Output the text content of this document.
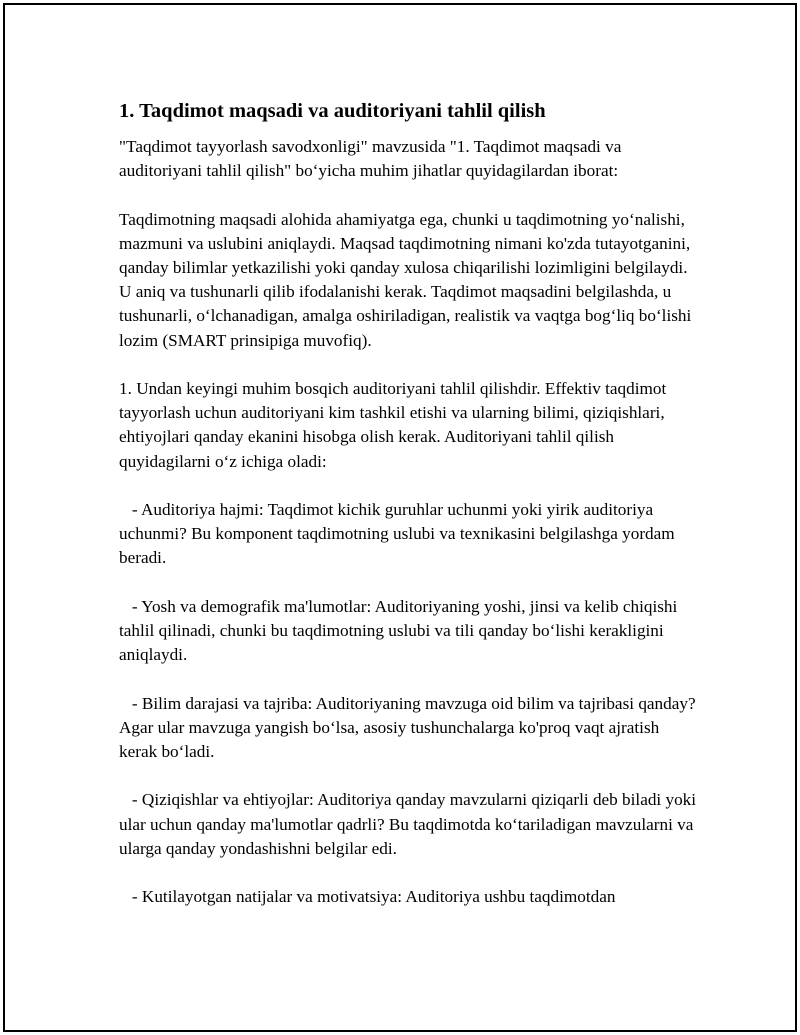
1. Taqdimot maqsadi va auditoriyani tahlil qilish

"Taqdimot tayyorlash savodxonligi" mavzusida "1. Taqdimot maqsadi va auditoriyani tahlil qilish" bo‘yicha muhim jihatlar quyidagilardan iborat:

Taqdimotning maqsadi alohida ahamiyatga ega, chunki u taqdimotning yo‘nalishi, mazmuni va uslubini aniqlaydi. Maqsad taqdimotning nimani ko'zda tutayotganini, qanday bilimlar yetkazilishi yoki qanday xulosa chiqarilishi lozimligini belgilaydi. U aniq va tushunarli qilib ifodalanishi kerak. Taqdimot maqsadini belgilashda, u tushunarli, o‘lchanadigan, amalga oshiriladigan, realistik va vaqtga bog‘liq bo‘lishi lozim (SMART prinsipiga muvofiq).

1. Undan keyingi muhim bosqich auditoriyani tahlil qilishdir. Effektiv taqdimot tayyorlash uchun auditoriyani kim tashkil etishi va ularning bilimi, qiziqishlari, ehtiyojlari qanday ekanini hisobga olish kerak. Auditoriyani tahlil qilish quyidagilarni o‘z ichiga oladi:

- Auditoriya hajmi: Taqdimot kichik guruhlar uchunmi yoki yirik auditoriya uchunmi? Bu komponent taqdimotning uslubi va texnikasini belgilashga yordam beradi.

- Yosh va demografik ma'lumotlar: Auditoriyaning yoshi, jinsi va kelib chiqishi tahlil qilinadi, chunki bu taqdimotning uslubi va tili qanday bo‘lishi kerakligini aniqlaydi.

- Bilim darajasi va tajriba: Auditoriyaning mavzuga oid bilim va tajribasi qanday? Agar ular mavzuga yangish bo‘lsa, asosiy tushunchalarga ko'proq vaqt ajratish kerak bo‘ladi.

- Qiziqishlar va ehtiyojlar: Auditoriya qanday mavzularni qiziqarli deb biladi yoki ular uchun qanday ma'lumotlar qadrli? Bu taqdimotda ko‘tariladigan mavzularni va ularga qanday yondashishni belgilar edi.

- Kutilayotgan natijalar va motivatsiya: Auditoriya ushbu taqdimotdan
